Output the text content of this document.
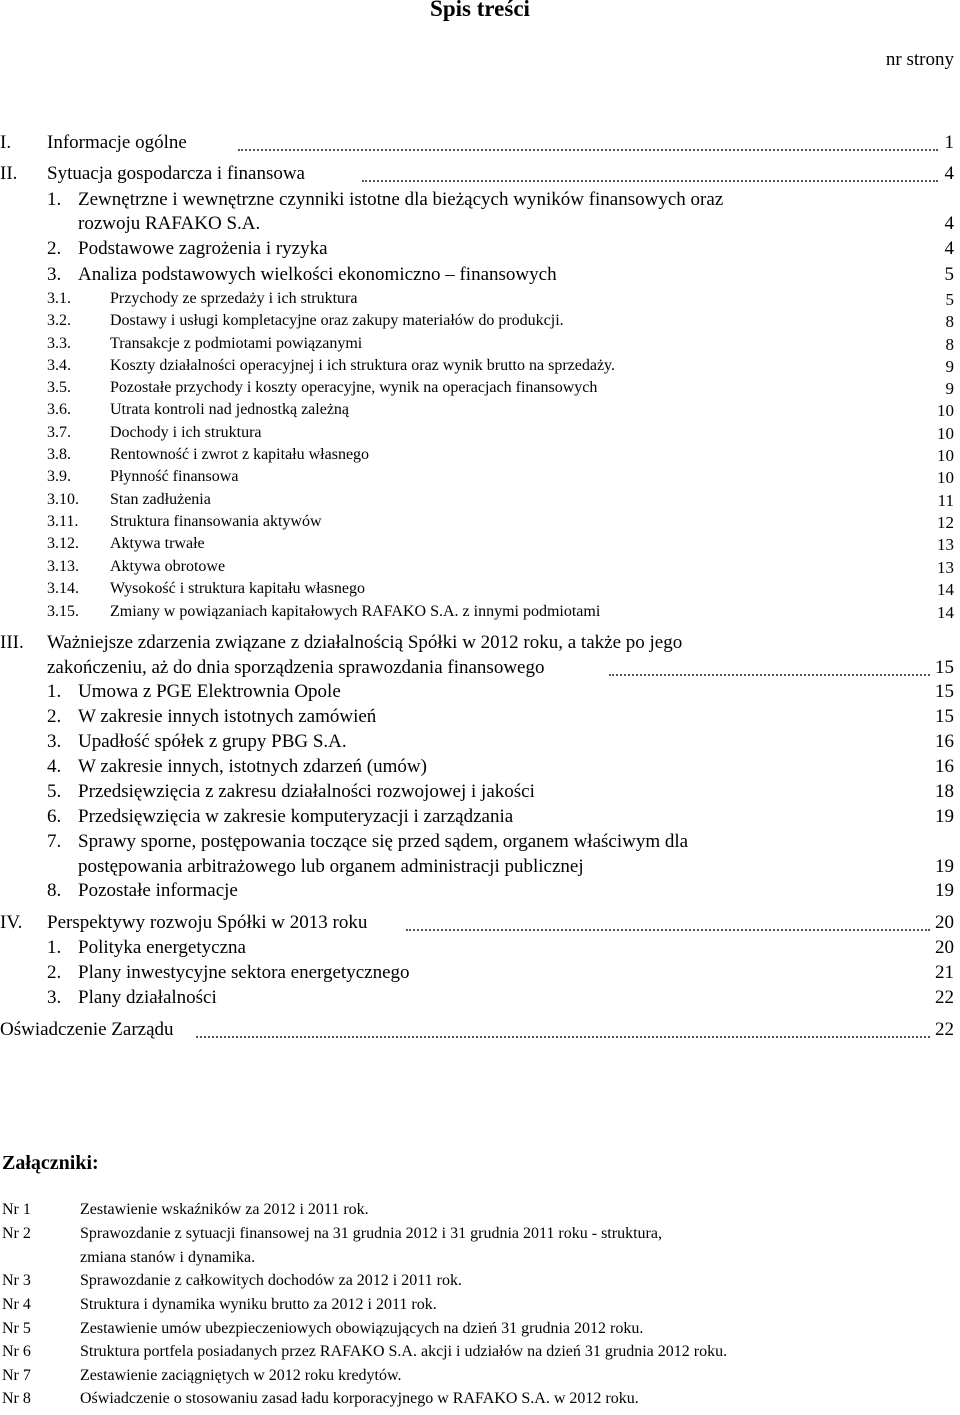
Spis treści
nr strony
I. Informacje ogólne	1
II. Sytuacja gospodarcza i finansowa	4
1. Zewnętrzne i wewnętrzne czynniki istotne dla bieżących wyników finansowych oraz
rozwoju RAFAKO S.A.	4
2. Podstawowe zagrożenia i ryzyka	4
3. Analiza podstawowych wielkości ekonomiczno – finansowych	5
3.1. Przychody ze sprzedaży i ich struktura	5
3.2. Dostawy i usługi kompletacyjne oraz zakupy materiałów do produkcji.	8
3.3. Transakcje z podmiotami powiązanymi	8
3.4. Koszty działalności operacyjnej i ich struktura oraz wynik brutto na sprzedaży.	9
3.5. Pozostałe przychody i koszty operacyjne, wynik na operacjach finansowych	9
3.6. Utrata kontroli nad jednostką zależną	10
3.7. Dochody i ich struktura	10
3.8. Rentowność i zwrot z kapitału własnego	10
3.9. Płynność finansowa	10
3.10. Stan zadłużenia	11
3.11. Struktura finansowania aktywów	12
3.12. Aktywa trwałe	13
3.13. Aktywa obrotowe	13
3.14. Wysokość i struktura kapitału własnego	14
3.15. Zmiany w powiązaniach kapitałowych RAFAKO S.A. z innymi podmiotami	14
III. Ważniejsze zdarzenia związane z działalnością Spółki w 2012 roku, a także po jego
zakończeniu, aż do dnia sporządzenia sprawozdania finansowego	15
1. Umowa z PGE Elektrownia Opole	15
2. W zakresie innych istotnych zamówień	15
3. Upadłość spółek z grupy PBG S.A.	16
4. W zakresie innych, istotnych zdarzeń (umów)	16
5. Przedsięwzięcia z zakresu działalności rozwojowej i jakości	18
6. Przedsięwzięcia w zakresie komputeryzacji i zarządzania	19
7. Sprawy sporne, postępowania toczące się przed sądem, organem właściwym dla
postępowania arbitrażowego lub organem administracji publicznej	19
8. Pozostałe informacje	19
IV. Perspektywy rozwoju Spółki w 2013 roku	20
1. Polityka energetyczna	20
2. Plany inwestycyjne sektora energetycznego	21
3. Plany działalności	22
Oświadczenie Zarządu	22
Załączniki:
Nr 1	Zestawienie wskaźników za 2012 i 2011 rok.
Nr 2	Sprawozdanie z sytuacji finansowej na 31 grudnia 2012 i 31 grudnia 2011 roku - struktura,
zmiana stanów i dynamika.
Nr 3	Sprawozdanie z całkowitych dochodów za 2012 i 2011 rok.
Nr 4	Struktura i dynamika wyniku brutto za 2012 i 2011 rok.
Nr 5	Zestawienie umów ubezpieczeniowych obowiązujących na dzień 31 grudnia 2012 roku.
Nr 6	Struktura portfela posiadanych przez RAFAKO S.A. akcji i udziałów na dzień 31 grudnia 2012 roku.
Nr 7	Zestawienie zaciągniętych w 2012 roku kredytów.
Nr 8	Oświadczenie o stosowaniu zasad ładu korporacyjnego w RAFAKO S.A. w 2012 roku.
